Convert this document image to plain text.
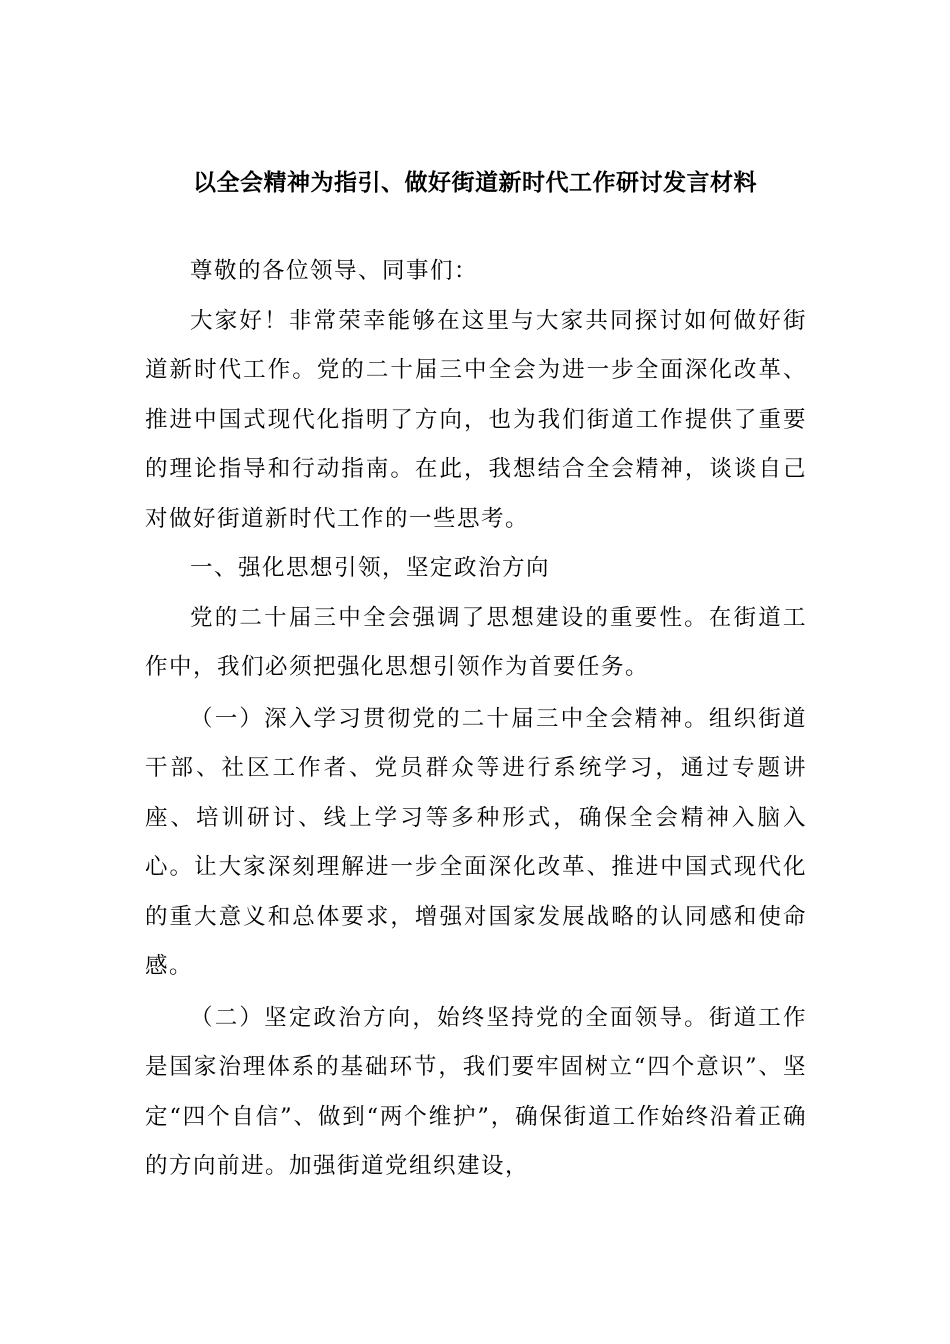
以全会精神为指引、做好街道新时代工作研讨发言材料

尊敬的各位领导、同事们：

大家好！非常荣幸能够在这里与大家共同探讨如何做好街道新时代工作。党的二十届三中全会为进一步全面深化改革、推进中国式现代化指明了方向，也为我们街道工作提供了重要的理论指导和行动指南。在此，我想结合全会精神，谈谈自己对做好街道新时代工作的一些思考。

一、强化思想引领，坚定政治方向

党的二十届三中全会强调了思想建设的重要性。在街道工作中，我们必须把强化思想引领作为首要任务。

（一）深入学习贯彻党的二十届三中全会精神。组织街道干部、社区工作者、党员群众等进行系统学习，通过专题讲座、培训研讨、线上学习等多种形式，确保全会精神入脑入心。让大家深刻理解进一步全面深化改革、推进中国式现代化的重大意义和总体要求，增强对国家发展战略的认同感和使命感。

（二）坚定政治方向，始终坚持党的全面领导。街道工作是国家治理体系的基础环节，我们要牢固树立“四个意识”、坚定“四个自信”、做到“两个维护”，确保街道工作始终沿着正确的方向前进。加强街道党组织建设，
